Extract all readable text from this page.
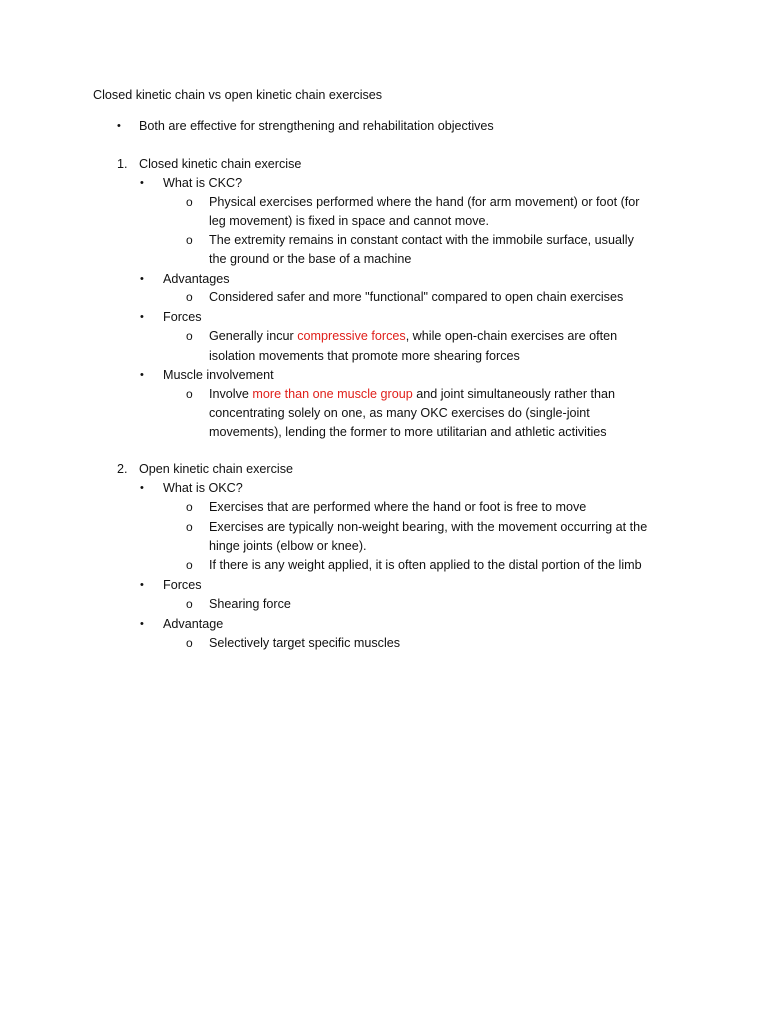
Closed kinetic chain vs open kinetic chain exercises
• Both are effective for strengthening and rehabilitation objectives
1. Closed kinetic chain exercise
• What is CKC?
o Physical exercises performed where the hand (for arm movement) or foot (for
leg movement) is fixed in space and cannot move.
o The extremity remains in constant contact with the immobile surface, usually
the ground or the base of a machine
• Advantages
o Considered safer and more "functional" compared to open chain exercises
• Forces
o Generally incur compressive forces, while open-chain exercises are often
isolation movements that promote more shearing forces
• Muscle involvement
o Involve more than one muscle group and joint simultaneously rather than
concentrating solely on one, as many OKC exercises do (single-joint
movements), lending the former to more utilitarian and athletic activities
2. Open kinetic chain exercise
• What is OKC?
o Exercises that are performed where the hand or foot is free to move
o Exercises are typically non-weight bearing, with the movement occurring at the
hinge joints (elbow or knee).
o If there is any weight applied, it is often applied to the distal portion of the limb
• Forces
o Shearing force
• Advantage
o Selectively target specific muscles
